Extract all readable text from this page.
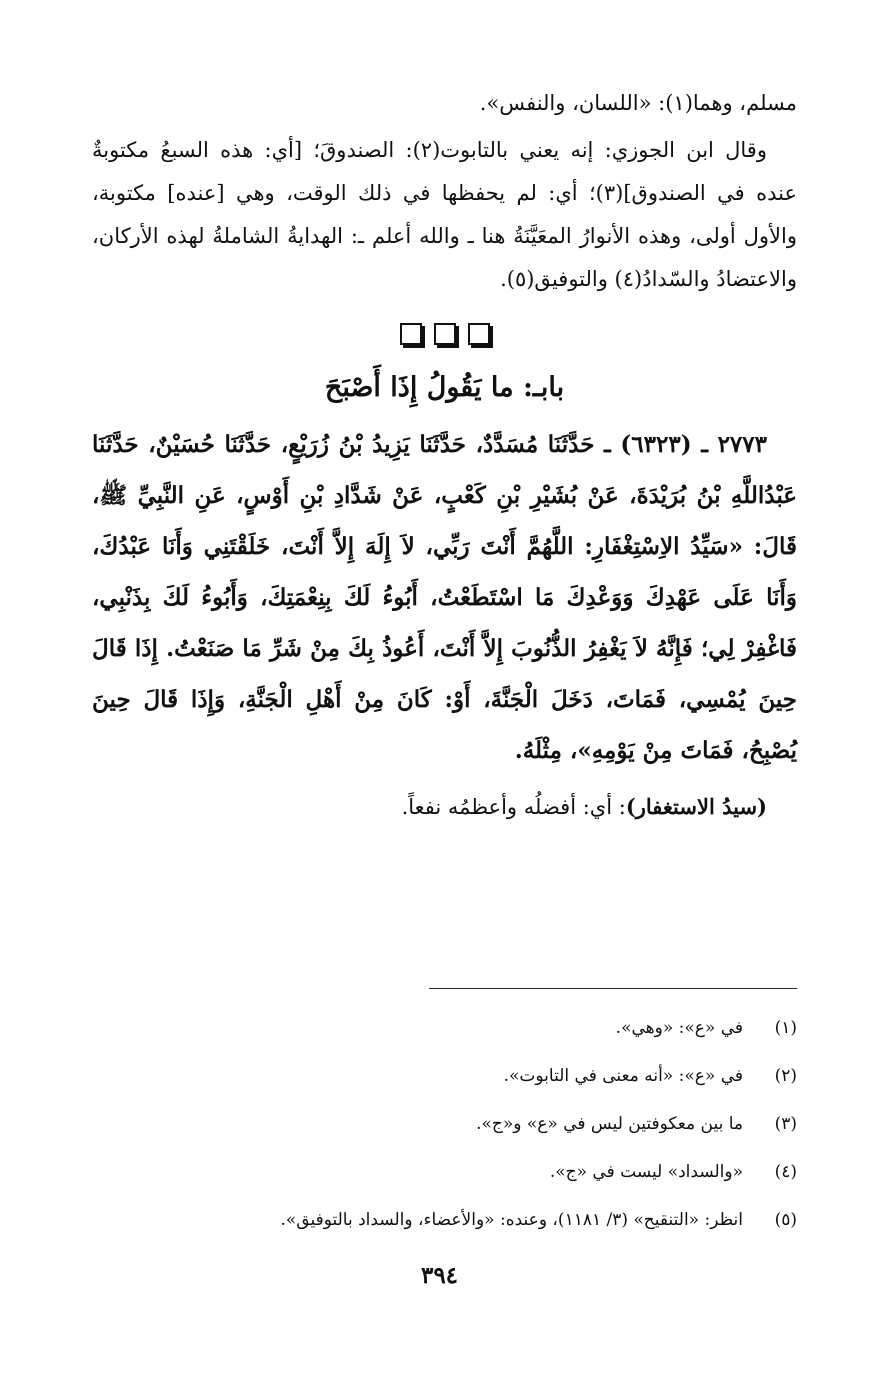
مسلم، وهما(١): «اللسان، والنفس».

وقال ابن الجوزي: إنه يعني بالتابوت(٢): الصندوقَ؛ [أي: هذه السبعُ مكتوبةٌ عنده في الصندوق](٣)؛ أي: لم يحفظها في ذلك الوقت، وهي [عنده] مكتوبة، والأول أولى، وهذه الأنوارُ المعَيَّنَةُ هنا ـ والله أعلم ـ: الهدايةُ الشاملةُ لهذه الأركان، والاعتضادُ والسّدادُ(٤) والتوفيق(٥).

بابـ: ما يَقُولُ إِذَا أَصْبَحَ

٢٧٧٣ ـ (٦٣٢٣) ـ حَدَّثَنَا مُسَدَّدٌ، حَدَّثَنَا يَزِيدُ بْنُ زُرَيْعٍ، حَدَّثَنَا حُسَيْنٌ، حَدَّثَنَا عَبْدُاللَّهِ بْنُ بُرَيْدَةَ، عَنْ بُشَيْرِ بْنِ كَعْبٍ، عَنْ شَدَّادِ بْنِ أَوْسٍ، عَنِ النَّبِيِّ ﷺ، قَالَ: «سَيِّدُ الاِسْتِغْفَارِ: اللَّهُمَّ أَنْتَ رَبِّي، لاَ إِلَهَ إِلاَّ أَنْتَ، خَلَقْتَنِي وَأَنَا عَبْدُكَ، وَأَنَا عَلَى عَهْدِكَ وَوَعْدِكَ مَا اسْتَطَعْتُ، أَبُوءُ لَكَ بِنِعْمَتِكَ، وَأَبُوءُ لَكَ بِذَنْبِي، فَاغْفِرْ لِي؛ فَإِنَّهُ لاَ يَغْفِرُ الذُّنُوبَ إِلاَّ أَنْتَ، أَعُوذُ بِكَ مِنْ شَرِّ مَا صَنَعْتُ. إِذَا قَالَ حِينَ يُمْسِي، فَمَاتَ، دَخَلَ الْجَنَّةَ، أَوْ: كَانَ مِنْ أَهْلِ الْجَنَّةِ، وَإِذَا قَالَ حِينَ يُصْبِحُ، فَمَاتَ مِنْ يَوْمِهِ»، مِثْلَهُ.

(سيدُ الاستغفار): أي: أفضلُه وأعظمُه نفعاً.

(١)
في «ع»: «وهي».
(٢)
في «ع»: «أنه معنى في التابوت».
(٣)
ما بين معكوفتين ليس في «ع» و«ج».
(٤)
«والسداد» ليست في «ج».
(٥)
انظر: «التنقيح» (٣/ ١١٨١)، وعنده: «والأعضاء، والسداد بالتوفيق».
٣٩٤
